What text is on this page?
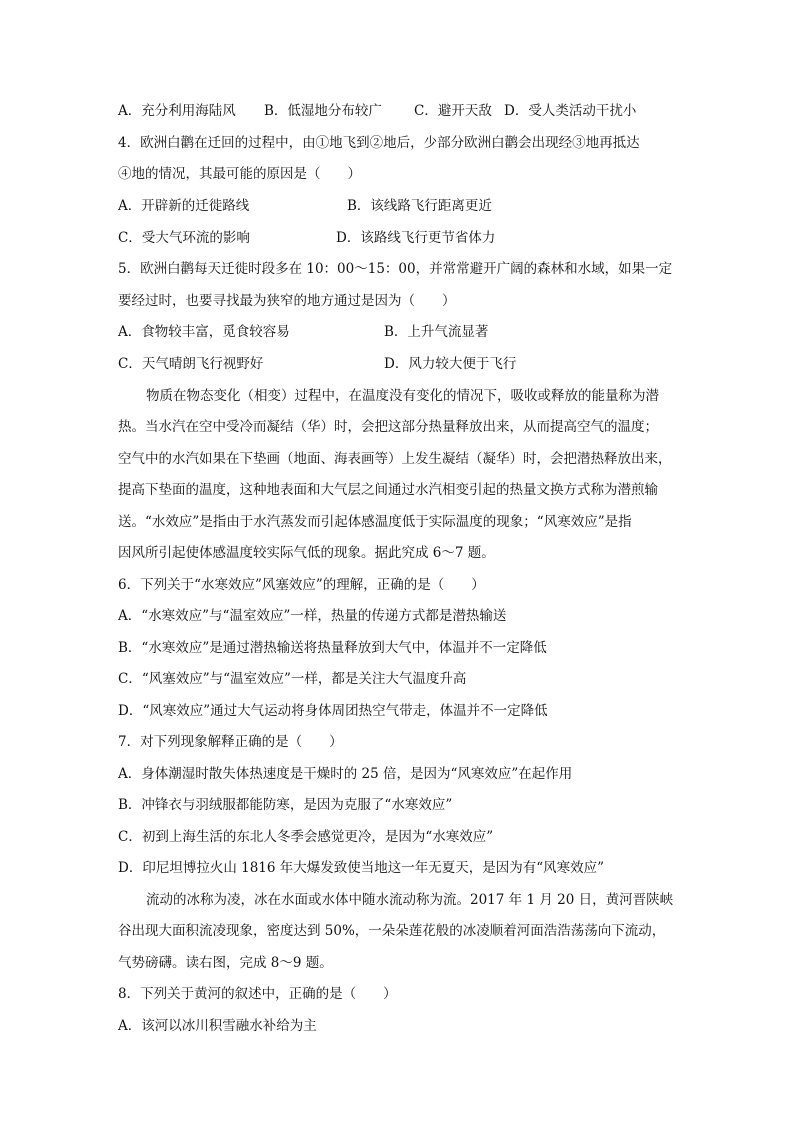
A．充分利用海陆风 B．低湿地分布较广 C．避开天敌 D．受人类活动干扰小
4．欧洲白鹳在迁回的过程中，由①地飞到②地后，少部分欧洲白鹳会出现经③地再抵达
④地的情况，其最可能的原因是（　　）
A．开辟新的迁徙路线	B．该线路飞行距离更近
C．受大气环流的影响	D．该路线飞行更节省体力
5．欧洲白鹳每天迁徙时段多在 10：00～15：00，并常常避开广阔的森林和水域，如果一定
要经过时，也要寻找最为狭窄的地方通过是因为（　　）
A．食物较丰富，觅食较容易	B．上升气流显著
C．天气晴朗飞行视野好	D．风力较大便于飞行
物质在物态变化（相变）过程中，在温度没有变化的情况下，吸收或释放的能量称为潜
热。当水汽在空中受冷而凝结（华）时，会把这部分热量释放出来，从而提高空气的温度；
空气中的水汽如果在下垫画（地面、海表画等）上发生凝结（凝华）时，会把潜热释放出来，
提高下垫面的温度，这种地表面和大气层之间通过水汽相变引起的热量文换方式称为潜煎输
送。“水效应”是指由于水汽蒸发而引起体感温度低于实际温度的现象；“风寒效应”是指
因风所引起使体感温度较实际气低的现象。据此究成 6～7 题。
6．下列关于“水寒效应”风塞效应”的理解，正确的是（　　）
A．“水寒效应”与“温室效应”一样，热量的传递方式都是潜热输送
B．“水寒效应”是通过潜热输送将热量释放到大气中，体温并不一定降低
C．“风塞效应”与“温室效应”一样，都是关注大气温度升高
D．“风寒效应”通过大气运动将身体周团热空气带走，体温并不一定降低
7．对下列现象解释正确的是（　　）
A．身体潮湿时散失体热速度是干燥时的 25 倍，是因为“风寒效应”在起作用
B．冲锋衣与羽绒服都能防寒，是因为克服了“水寒效应”
C．初到上海生活的东北人冬季会感觉更冷，是因为“水寒效应”
D．印尼坦博拉火山 1816 年大爆发致使当地这一年无夏天，是因为有“风寒效应”
流动的冰称为凌，冰在水面或水体中随水流动称为流。2017 年 1 月 20 日，黄河晋陕峡
谷出现大面积流凌现象，密度达到 50%，一朵朵莲花般的冰凌顺着河面浩浩荡荡向下流动，
气势磅礴。读右图，完成 8～9 题。
8．下列关于黄河的叙述中，正确的是（　　）
A．该河以冰川积雪融水补给为主
